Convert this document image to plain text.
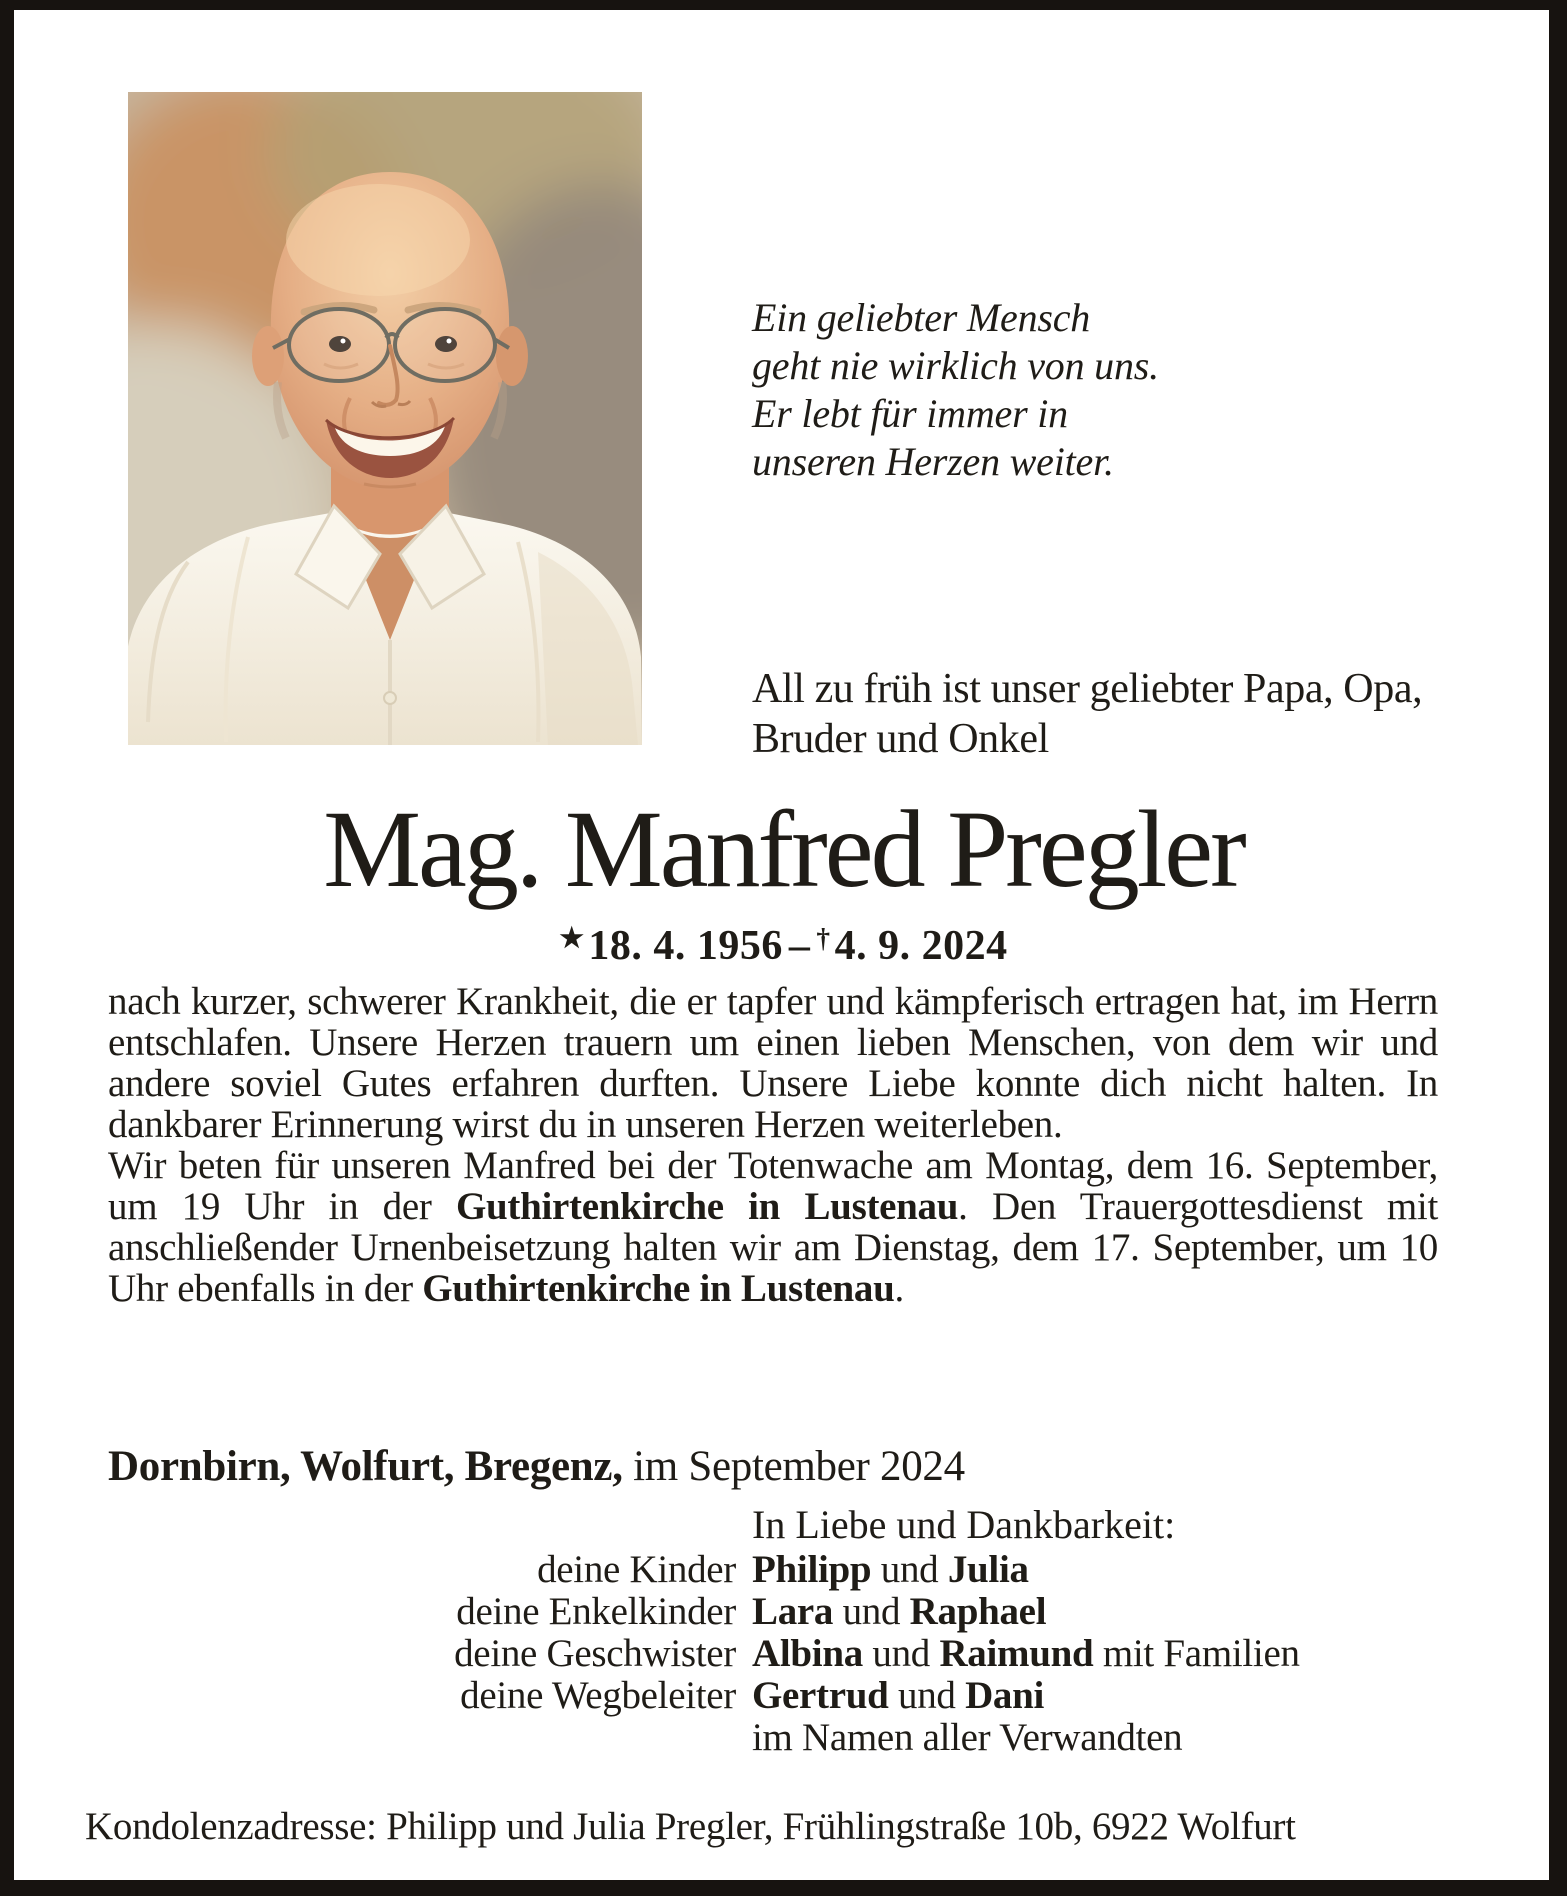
Ein geliebter Mensch
geht nie wirklich von uns.
Er lebt für immer in
unseren Herzen weiter.
All zu früh ist unser geliebter Papa, Opa,
Bruder und Onkel
Mag. Manfred Pregler
★18. 4. 1956 – †4. 9. 2024

nach kurzer, schwerer Krankheit, die er tapfer und kämpferisch ertragen hat, im Herrn entschlafen. Unsere Herzen trauern um einen lieben Menschen, von dem wir und andere soviel Gutes erfahren durften. Unsere Liebe konnte dich nicht halten. In dankbarer Erinnerung wirst du in unseren Herzen weiterleben.

Wir beten für unseren Manfred bei der Totenwache am Montag, dem 16. September, um 19 Uhr in der Guthirtenkirche in Lustenau. Den Trauergottesdienst mit anschließender Urnenbeisetzung halten wir am Dienstag, dem 17. September, um 10 Uhr ebenfalls in der Guthirtenkirche in Lustenau.

Dornbirn, Wolfurt, Bregenz, im September 2024
In Liebe und Dankbarkeit:
deine Kinder Philipp und Julia
deine Enkelkinder Lara und Raphael
deine Geschwister Albina und Raimund mit Familien
deine Wegbeleiter Gertrud und Dani
im Namen aller Verwandten
Kondolenzadresse: Philipp und Julia Pregler, Frühlingstraße 10b, 6922 Wolfurt
